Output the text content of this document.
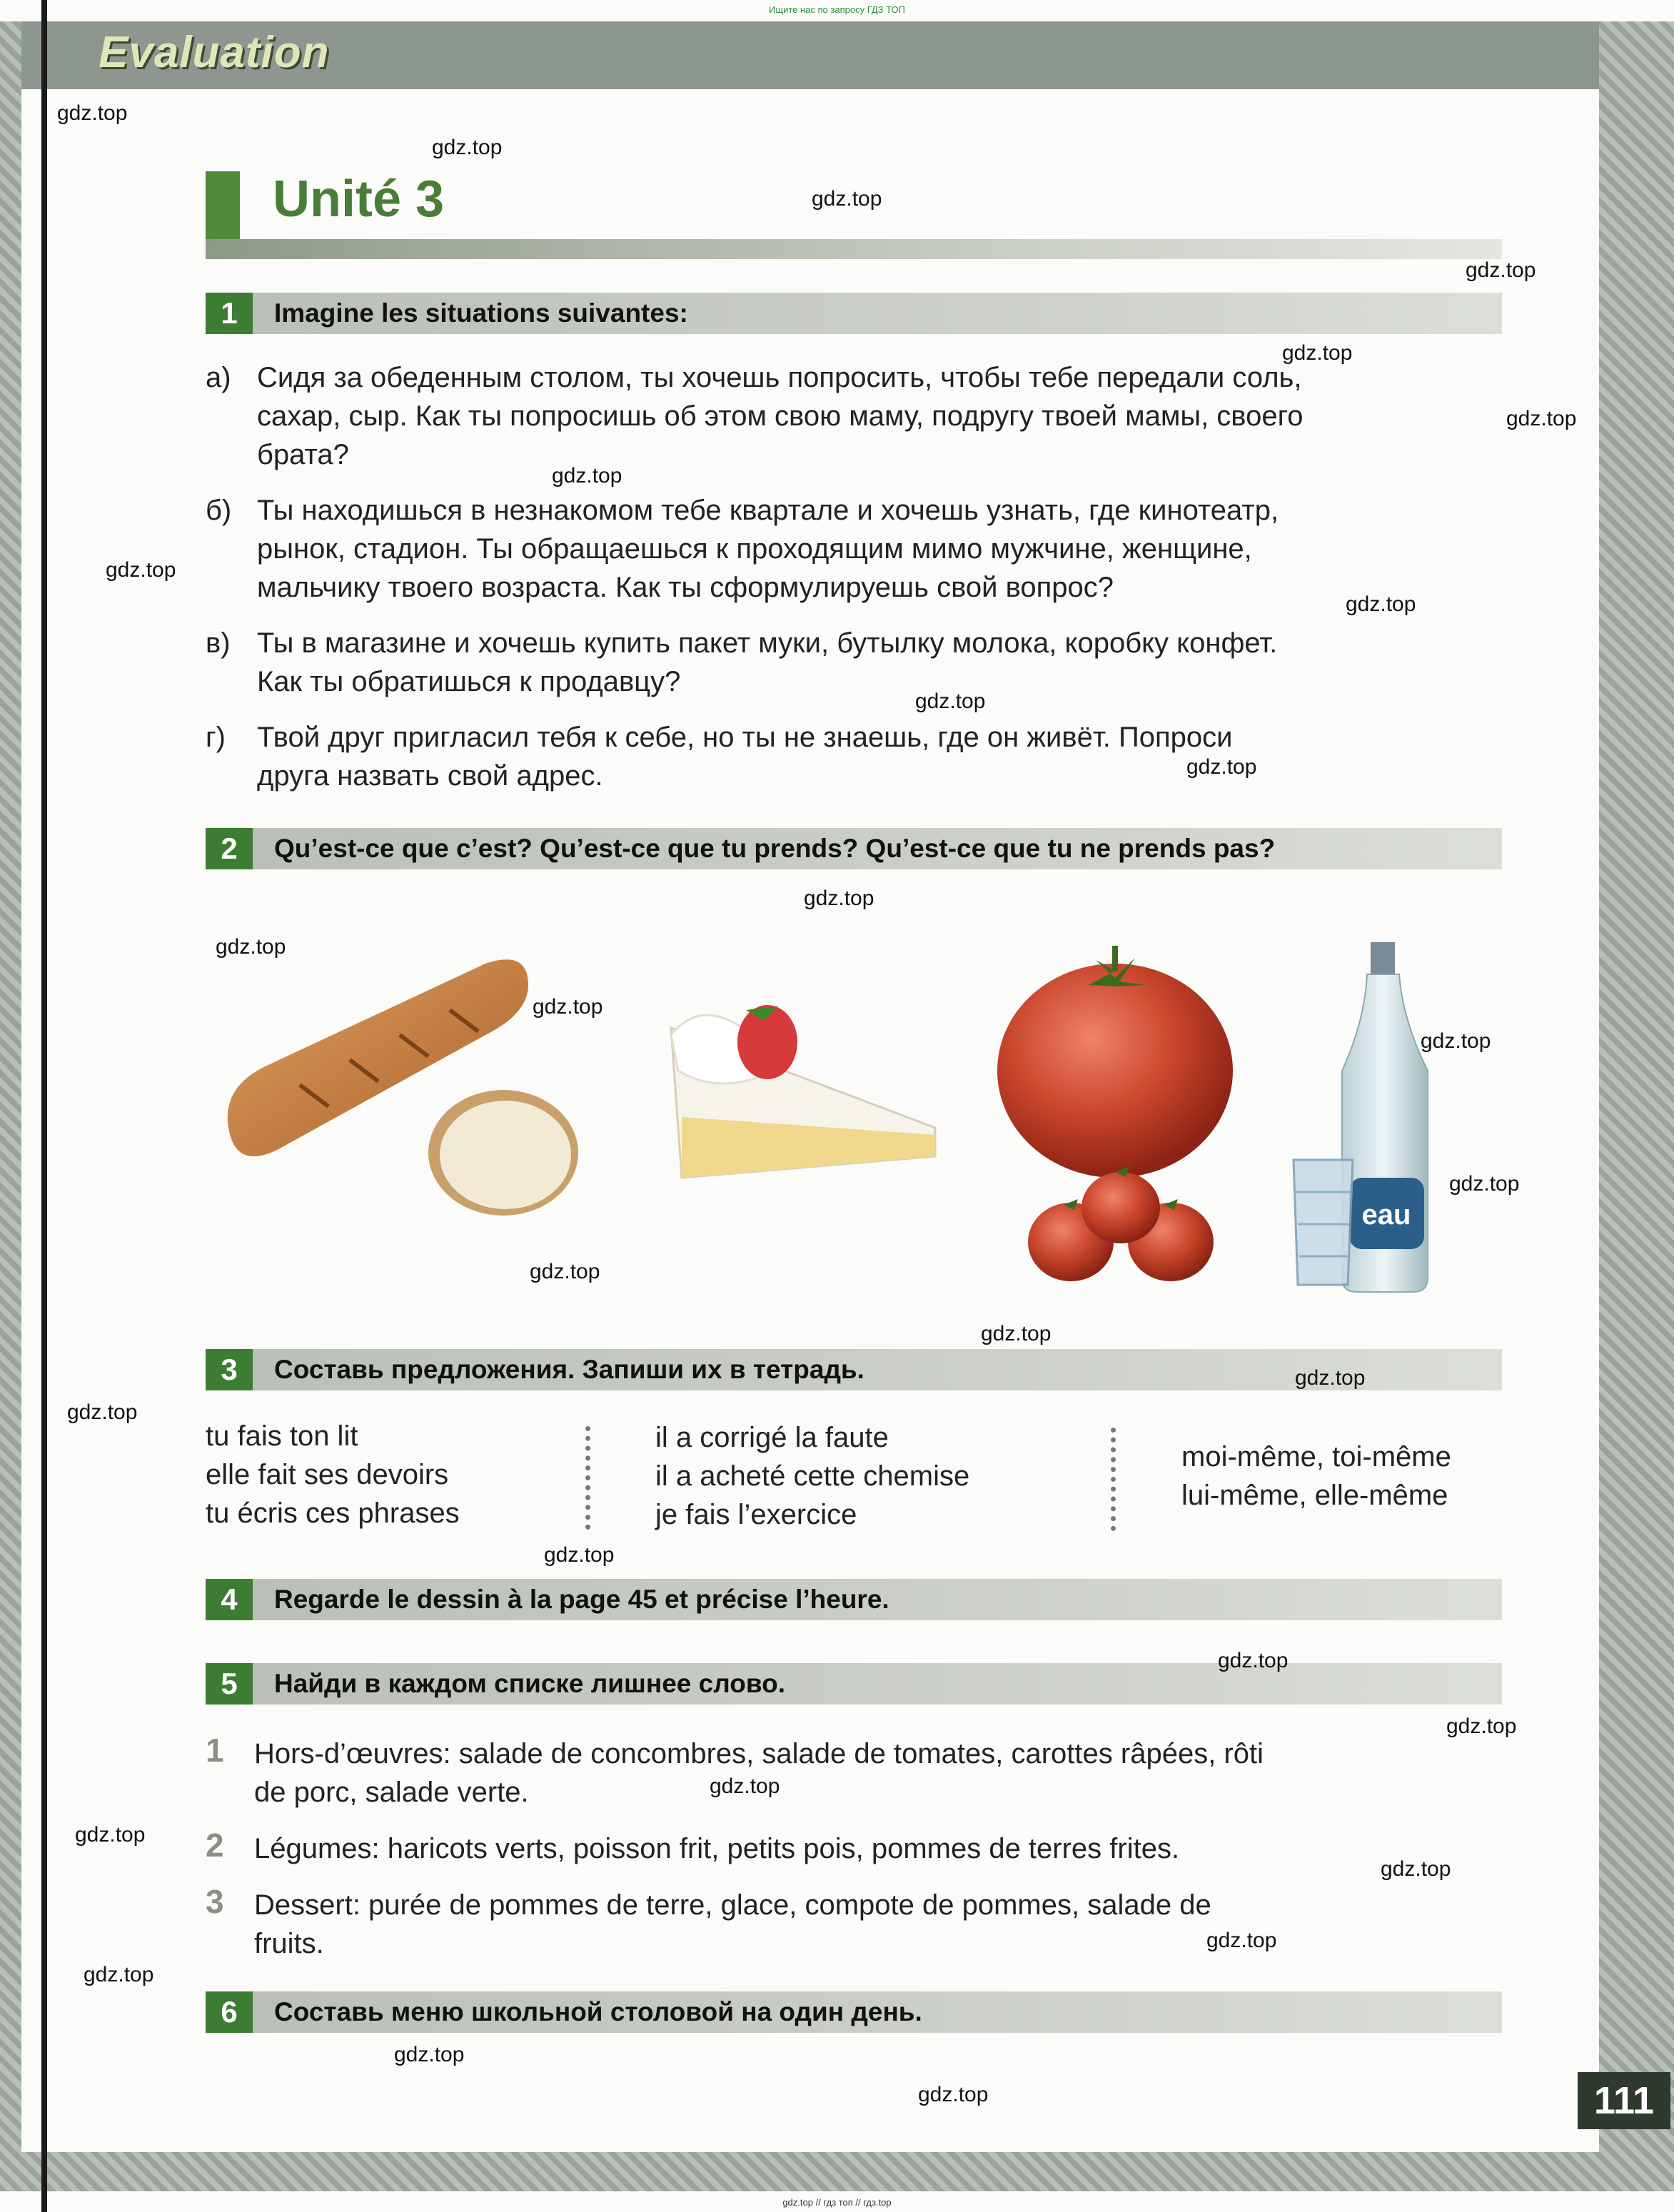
Ищите нас по запросу ГДЗ ТОП
Evaluation
Unité 3
1	Imagine les situations suivantes:
а) Сидя за обеденным столом, ты хочешь попросить, чтобы тебе передали соль,
сахар, сыр. Как ты попросишь об этом свою маму, подругу твоей мамы, своего
брата?
б) Ты находишься в незнакомом тебе квартале и хочешь узнать, где кинотеатр,
рынок, стадион. Ты обращаешься к проходящим мимо мужчине, женщине,
мальчику твоего возраста. Как ты сформулируешь свой вопрос?
в) Ты в магазине и хочешь купить пакет муки, бутылку молока, коробку конфет.
Как ты обратишься к продавцу?
г) Твой друг пригласил тебя к себе, но ты не знаешь, где он живёт. Попроси
друга назвать свой адрес.
2	Qu’est-ce que c’est? Qu’est-ce que tu prends? Qu’est-ce que tu ne prends pas?
eau
3	Составь предложения. Запиши их в тетрадь.
tu fais ton lit
elle fait ses devoirs
tu écris ces phrases
il a corrigé la faute
il a acheté cette chemise
je fais l’exercice
moi-même, toi-même
lui-même, elle-même
4	Regarde le dessin à la page 45 et précise l’heure.
5	Найди в каждом списке лишнее слово.
1 Hors-d’œuvres: salade de concombres, salade de tomates, carottes râpées, rôti
de porc, salade verte.
2 Légumes: haricots verts, poisson frit, petits pois, pommes de terres frites.
3 Dessert: purée de pommes de terre, glace, compote de pommes, salade de
fruits.
6	Составь меню школьной столовой на один день.
111
gdz.top
gdz.top
gdz.top
gdz.top
gdz.top
gdz.top
gdz.top
gdz.top
gdz.top
gdz.top
gdz.top
gdz.top
gdz.top
gdz.top
gdz.top
gdz.top
gdz.top
gdz.top
gdz.top
gdz.top
gdz.top
gdz.top
gdz.top
gdz.top
gdz.top
gdz.top
gdz.top
gdz.top
gdz.top
gdz.top
gdz.top // гдз топ // гдз.top
